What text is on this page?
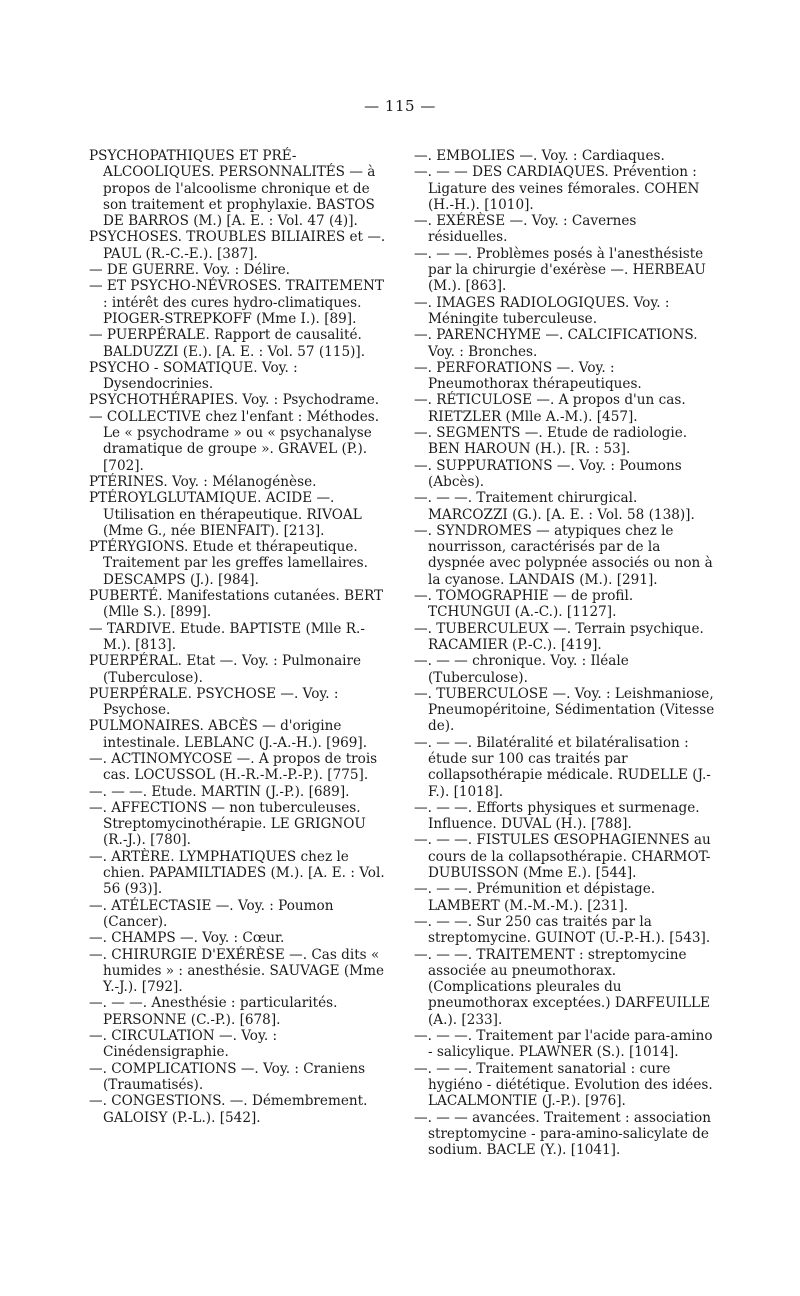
— 115 —

PSYCHOPATHIQUES ET PRÉ-ALCOOLIQUES. PERSONNALITÉS — à propos de l'alcoolisme chronique et de son traitement et prophylaxie. BASTOS DE BARROS (M.) [A. E. : Vol. 47 (4)].

PSYCHOSES. TROUBLES BILIAIRES et —. PAUL (R.-C.-E.). [387].

— DE GUERRE. Voy. : Délire.

— ET PSYCHO-NÉVROSES. TRAITEMENT : intérêt des cures hydro-climatiques. PIOGER-STREPKOFF (Mme I.). [89].

— PUERPÉRALE. Rapport de causalité. BALDUZZI (E.). [A. E. : Vol. 57 (115)].

PSYCHO - SOMATIQUE. Voy. : Dysendocrinies.

PSYCHOTHÉRAPIES. Voy. : Psychodrame.

— COLLECTIVE chez l'enfant : Méthodes. Le « psychodrame » ou « psychanalyse dramatique de groupe ». GRAVEL (P.). [702].

PTÉRINES. Voy. : Mélanogénèse.

PTÉROYLGLUTAMIQUE. ACIDE —. Utilisation en thérapeutique. RIVOAL (Mme G., née BIENFAIT). [213].

PTÉRYGIONS. Etude et thérapeutique. Traitement par les greffes lamellaires. DESCAMPS (J.). [984].

PUBERTÉ. Manifestations cutanées. BERT (Mlle S.). [899].

— TARDIVE. Etude. BAPTISTE (Mlle R.-M.). [813].

PUERPÉRAL. Etat —. Voy. : Pulmonaire (Tuberculose).

PUERPÉRALE. PSYCHOSE —. Voy. : Psychose.

PULMONAIRES. ABCÈS — d'origine intestinale. LEBLANC (J.-A.-H.). [969].

—. ACTINOMYCOSE —. A propos de trois cas. LOCUSSOL (H.-R.-M.-P.-P.). [775].

—. — —. Etude. MARTIN (J.-P.). [689].

—. AFFECTIONS — non tuberculeuses. Streptomycinothérapie. LE GRIGNOU (R.-J.). [780].

—. ARTÈRE. LYMPHATIQUES chez le chien. PAPAMILTIADES (M.). [A. E. : Vol. 56 (93)].

—. ATÉLECTASIE —. Voy. : Poumon (Cancer).

—. CHAMPS —. Voy. : Cœur.

—. CHIRURGIE D'EXÉRÈSE —. Cas dits « humides » : anesthésie. SAUVAGE (Mme Y.-J.). [792].

—. — —. Anesthésie : particularités. PERSONNE (C.-P.). [678].

—. CIRCULATION —. Voy. : Cinédensigraphie.

—. COMPLICATIONS —. Voy. : Craniens (Traumatisés).

—. CONGESTIONS. —. Démembrement. GALOISY (P.-L.). [542].

—. EMBOLIES —. Voy. : Cardiaques.

—. — — DES CARDIAQUES. Prévention : Ligature des veines fémorales. COHEN (H.-H.). [1010].

—. EXÉRÈSE —. Voy. : Cavernes résiduelles.

—. — —. Problèmes posés à l'anesthésiste par la chirurgie d'exérèse —. HERBEAU (M.). [863].

—. IMAGES RADIOLOGIQUES. Voy. : Méningite tuberculeuse.

—. PARENCHYME —. CALCIFICATIONS. Voy. : Bronches.

—. PERFORATIONS —. Voy. : Pneumothorax thérapeutiques.

—. RÉTICULOSE —. A propos d'un cas. RIETZLER (Mlle A.-M.). [457].

—. SEGMENTS —. Etude de radiologie. BEN HAROUN (H.). [R. : 53].

—. SUPPURATIONS —. Voy. : Poumons (Abcès).

—. — —. Traitement chirurgical. MARCOZZI (G.). [A. E. : Vol. 58 (138)].

—. SYNDROMES — atypiques chez le nourrisson, caractérisés par de la dyspnée avec polypnée associés ou non à la cyanose. LANDAIS (M.). [291].

—. TOMOGRAPHIE — de profil. TCHUNGUI (A.-C.). [1127].

—. TUBERCULEUX —. Terrain psychique. RACAMIER (P.-C.). [419].

—. — — chronique. Voy. : Iléale (Tuberculose).

—. TUBERCULOSE —. Voy. : Leishmaniose, Pneumopéritoine, Sédimentation (Vitesse de).

—. — —. Bilatéralité et bilatéralisation : étude sur 100 cas traités par collapsothérapie médicale. RUDELLE (J.-F.). [1018].

—. — —. Efforts physiques et surmenage. Influence. DUVAL (H.). [788].

—. — —. FISTULES ŒSOPHAGIENNES au cours de la collapsothérapie. CHARMOT-DUBUISSON (Mme E.). [544].

—. — —. Prémunition et dépistage. LAMBERT (M.-M.-M.). [231].

—. — —. Sur 250 cas traités par la streptomycine. GUINOT (U.-P.-H.). [543].

—. — —. TRAITEMENT : streptomycine associée au pneumothorax. (Complications pleurales du pneumothorax exceptées.) DARFEUILLE (A.). [233].

—. — —. Traitement par l'acide para-amino - salicylique. PLAWNER (S.). [1014].

—. — —. Traitement sanatorial : cure hygiéno - diététique. Evolution des idées. LACALMONTIE (J.-P.). [976].

—. — — avancées. Traitement : association streptomycine - para-amino-salicylate de sodium. BACLE (Y.). [1041].
